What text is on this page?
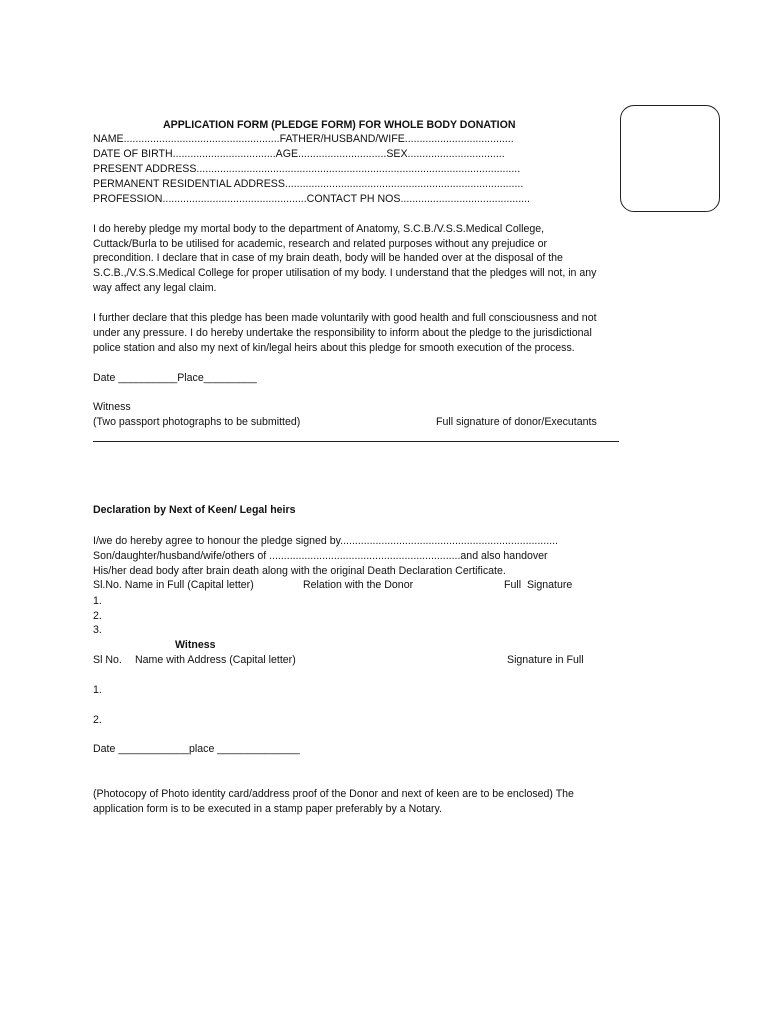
APPLICATION FORM (PLEDGE FORM) FOR WHOLE BODY DONATION
NAME.....................................................FATHER/HUSBAND/WIFE.....................................
DATE OF BIRTH...................................AGE..............................SEX.................................
PRESENT ADDRESS..............................................................................................................
PERMANENT RESIDENTIAL ADDRESS.................................................................................
PROFESSION.................................................CONTACT PH NOS............................................
I do hereby pledge my mortal body to the department of Anatomy, S.C.B./V.S.S.Medical College,
Cuttack/Burla to be utilised for academic, research and related purposes without any prejudice or
precondition. I declare that in case of my brain death, body will be handed over at the disposal of the
S.C.B.,/V.S.S.Medical College for proper utilisation of my body. I understand that the pledges will not, in any
way affect any legal claim.
I further declare that this pledge has been made voluntarily with good health and full consciousness and not
under any pressure. I do hereby undertake the responsibility to inform about the pledge to the jurisdictional
police station and also my next of kin/legal heirs about this pledge for smooth execution of the process.
Date __________Place_________
Witness
(Two passport photographs to be submitted)	Full signature of donor/Executants
Declaration by Next of Keen/ Legal heirs
I/we do hereby agree to honour the pledge signed by..........................................................................
Son/daughter/husband/wife/others of .................................................................and also handover
His/her dead body after brain death along with the original Death Declaration Certificate.
Sl.No. Name in Full (Capital letter)	Relation with the Donor	Full  Signature
1.
2.
3.
Witness
Sl No. Name with Address (Capital letter)	Signature in Full
1.
2.
Date ____________place ______________
(Photocopy of Photo identity card/address proof of the Donor and next of keen are to be enclosed) The
application form is to be executed in a stamp paper preferably by a Notary.
